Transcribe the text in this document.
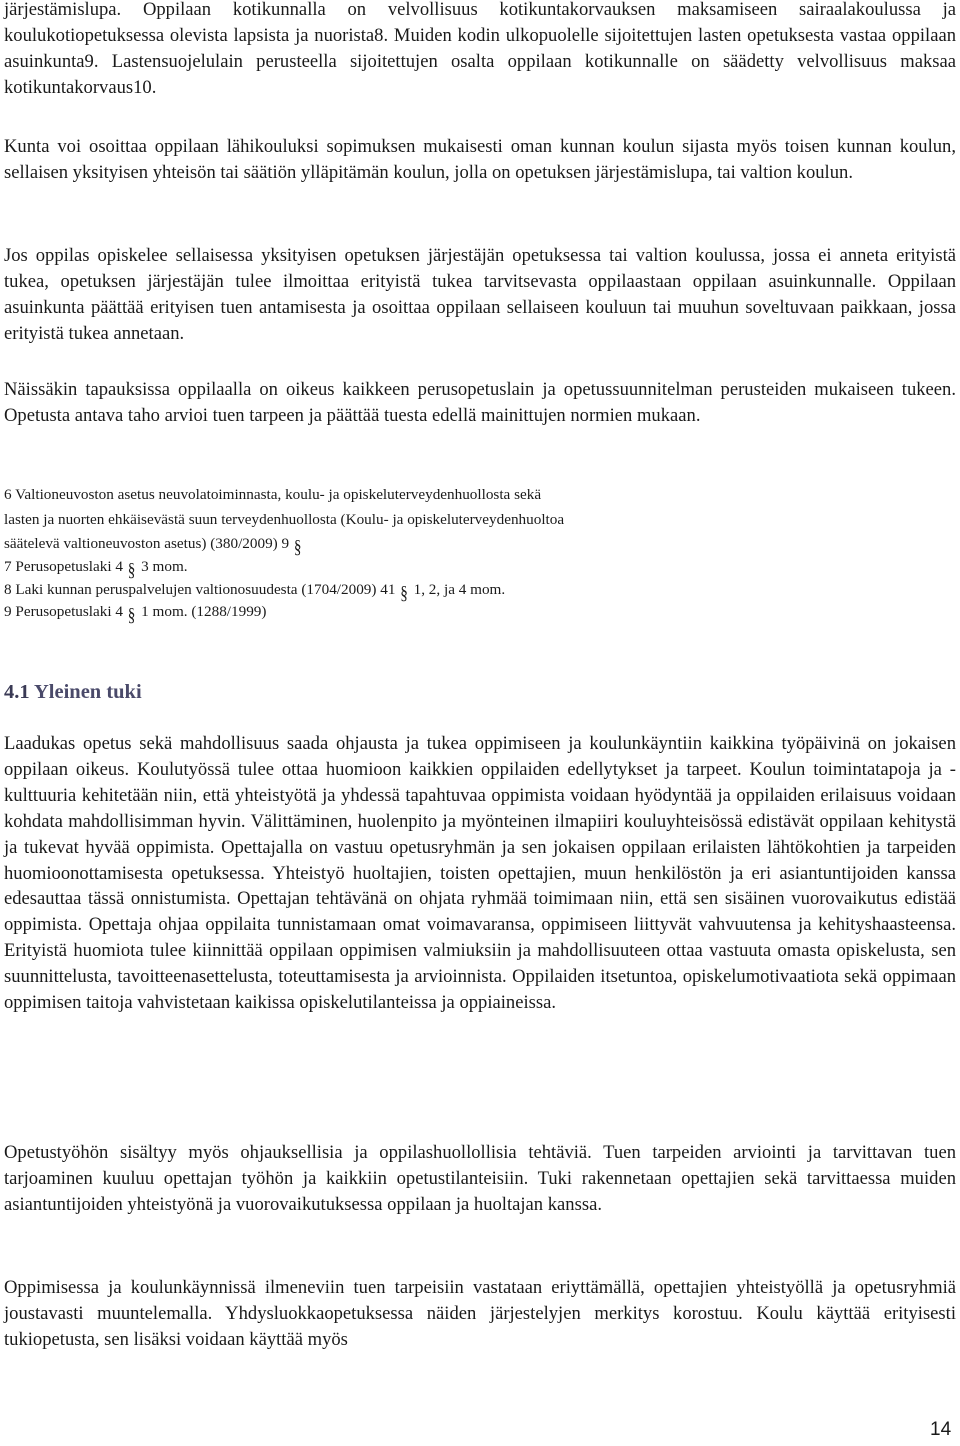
järjestämislupa. Oppilaan kotikunnalla on velvollisuus kotikuntakorvauksen maksamiseen sairaalakoulussa ja koulukotiopetuksessa olevista lapsista ja nuorista8. Muiden kodin ulkopuolelle sijoitettujen lasten opetuksesta vastaa oppilaan asuinkunta9. Lastensuojelulain perusteella sijoitettujen osalta oppilaan kotikunnalle on säädetty velvollisuus maksaa kotikuntakorvaus10.

Kunta voi osoittaa oppilaan lähikouluksi sopimuksen mukaisesti oman kunnan koulun sijasta myös toisen kunnan koulun, sellaisen yksityisen yhteisön tai säätiön ylläpitämän koulun, jolla on opetuksen järjestämislupa, tai valtion koulun.

Jos oppilas opiskelee sellaisessa yksityisen opetuksen järjestäjän opetuksessa tai valtion koulussa, jossa ei anneta erityistä tukea, opetuksen järjestäjän tulee ilmoittaa erityistä tukea tarvitsevasta oppilaastaan oppilaan asuinkunnalle. Oppilaan asuinkunta päättää erityisen tuen antamisesta ja osoittaa oppilaan sellaiseen kouluun tai muuhun soveltuvaan paikkaan, jossa erityistä tukea annetaan.

Näissäkin tapauksissa oppilaalla on oikeus kaikkeen perusopetuslain ja opetussuunnitelman perusteiden mukaiseen tukeen. Opetusta antava taho arvioi tuen tarpeen ja päättää tuesta edellä mainittujen normien mukaan.

6 Valtioneuvoston asetus neuvolatoiminnasta, koulu- ja opiskeluterveydenhuollosta sekä

lasten ja nuorten ehkäisevästä suun terveydenhuollosta (Koulu- ja opiskeluterveydenhuoltoa

säätelevä valtioneuvoston asetus) (380/2009) 9 §

7 Perusopetuslaki 4 § 3 mom.

8 Laki kunnan peruspalvelujen valtionosuudesta (1704/2009) 41 § 1, 2, ja 4 mom.

9 Perusopetuslaki 4 § 1 mom. (1288/1999)

4.1 Yleinen tuki

Laadukas opetus sekä mahdollisuus saada ohjausta ja tukea oppimiseen ja koulunkäyntiin kaikkina työpäivinä on jokaisen oppilaan oikeus. Koulutyössä tulee ottaa huomioon kaikkien oppilaiden edellytykset ja tarpeet. Koulun toimintatapoja ja -kulttuuria kehitetään niin, että yhteistyötä ja yhdessä tapahtuvaa oppimista voidaan hyödyntää ja oppilaiden erilaisuus voidaan kohdata mahdollisimman hyvin. Välittäminen, huolenpito ja myönteinen ilmapiiri kouluyhteisössä edistävät oppilaan kehitystä ja tukevat hyvää oppimista. Opettajalla on vastuu opetusryhmän ja sen jokaisen oppilaan erilaisten lähtökohtien ja tarpeiden huomioonottamisesta opetuksessa. Yhteistyö huoltajien, toisten opettajien, muun henkilöstön ja eri asiantuntijoiden kanssa edesauttaa tässä onnistumista. Opettajan tehtävänä on ohjata ryhmää toimimaan niin, että sen sisäinen vuorovaikutus edistää oppimista. Opettaja ohjaa oppilaita tunnistamaan omat voimavaransa, oppimiseen liittyvät vahvuutensa ja kehityshaasteensa. Erityistä huomiota tulee kiinnittää oppilaan oppimisen valmiuksiin ja mahdollisuuteen ottaa vastuuta omasta opiskelusta, sen suunnittelusta, tavoitteenasettelusta, toteuttamisesta ja arvioinnista. Oppilaiden itsetuntoa, opiskelumotivaatiota sekä oppimaan oppimisen taitoja vahvistetaan kaikissa opiskelutilanteissa ja oppiaineissa.

Opetustyöhön sisältyy myös ohjauksellisia ja oppilashuollollisia tehtäviä. Tuen tarpeiden arviointi ja tarvittavan tuen tarjoaminen kuuluu opettajan työhön ja kaikkiin opetustilanteisiin. Tuki rakennetaan opettajien sekä tarvittaessa muiden asiantuntijoiden yhteistyönä ja vuorovaikutuksessa oppilaan ja huoltajan kanssa.

Oppimisessa ja koulunkäynnissä ilmeneviin tuen tarpeisiin vastataan eriyttämällä, opettajien yhteistyöllä ja opetusryhmiä joustavasti muuntelemalla. Yhdysluokkaopetuksessa näiden järjestelyjen merkitys korostuu. Koulu käyttää erityisesti tukiopetusta, sen lisäksi voidaan käyttää myös

14
